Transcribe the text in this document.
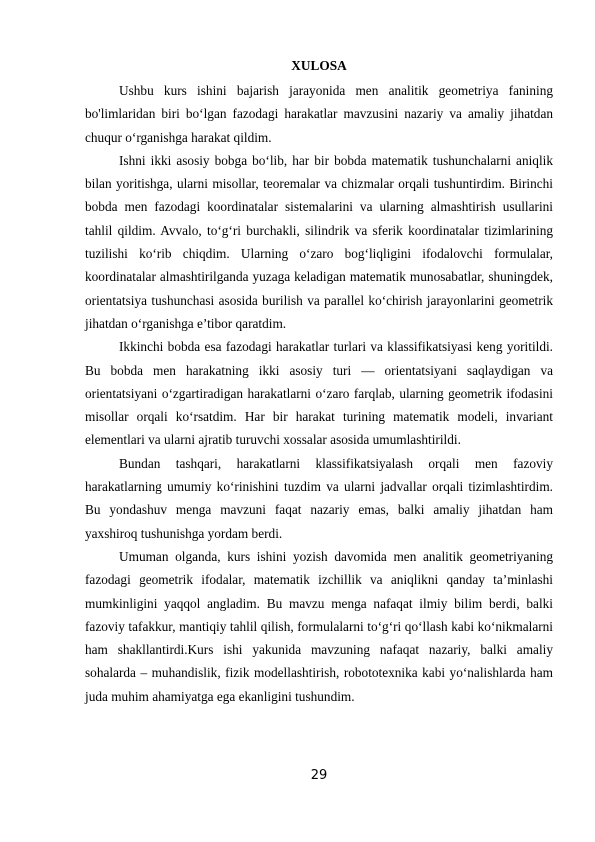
XULOSA

Ushbu kurs ishini bajarish jarayonida men analitik geometriya fanining bo'limlaridan biri bo‘lgan fazodagi harakatlar mavzusini nazariy va amaliy jihatdan chuqur o‘rganishga harakat qildim.

Ishni ikki asosiy bobga bo‘lib, har bir bobda matematik tushunchalarni aniqlik bilan yoritishga, ularni misollar, teoremalar va chizmalar orqali tushuntirdim. Birinchi bobda men fazodagi koordinatalar sistemalarini va ularning almashtirish usullarini tahlil qildim. Avvalo, to‘g‘ri burchakli, silindrik va sferik koordinatalar tizimlarining tuzilishi ko‘rib chiqdim. Ularning o‘zaro bog‘liqligini ifodalovchi formulalar, koordinatalar almashtirilganda yuzaga keladigan matematik munosabatlar, shuningdek, orientatsiya tushunchasi asosida burilish va parallel ko‘chirish jarayonlarini geometrik jihatdan o‘rganishga e’tibor qaratdim.

Ikkinchi bobda esa fazodagi harakatlar turlari va klassifikatsiyasi keng yoritildi. Bu bobda men harakatning ikki asosiy turi — orientatsiyani saqlaydigan va orientatsiyani o‘zgartiradigan harakatlarni o‘zaro farqlab, ularning geometrik ifodasini misollar orqali ko‘rsatdim. Har bir harakat turining matematik modeli, invariant elementlari va ularni ajratib turuvchi xossalar asosida umumlashtirildi.

Bundan tashqari, harakatlarni klassifikatsiyalash orqali men fazoviy harakatlarning umumiy ko‘rinishini tuzdim va ularni jadvallar orqali tizimlashtirdim. Bu yondashuv menga mavzuni faqat nazariy emas, balki amaliy jihatdan ham yaxshiroq tushunishga yordam berdi.

Umuman olganda, kurs ishini yozish davomida men analitik geometriyaning fazodagi geometrik ifodalar, matematik izchillik va aniqlikni qanday ta’minlashi mumkinligini yaqqol angladim. Bu mavzu menga nafaqat ilmiy bilim berdi, balki fazoviy tafakkur, mantiqiy tahlil qilish, formulalarni to‘g‘ri qo‘llash kabi ko‘nikmalarni ham shakllantirdi.Kurs ishi yakunida mavzuning nafaqat nazariy, balki amaliy sohalarda – muhandislik, fizik modellashtirish, robototexnika kabi yo‘nalishlarda ham juda muhim ahamiyatga ega ekanligini tushundim.

29
